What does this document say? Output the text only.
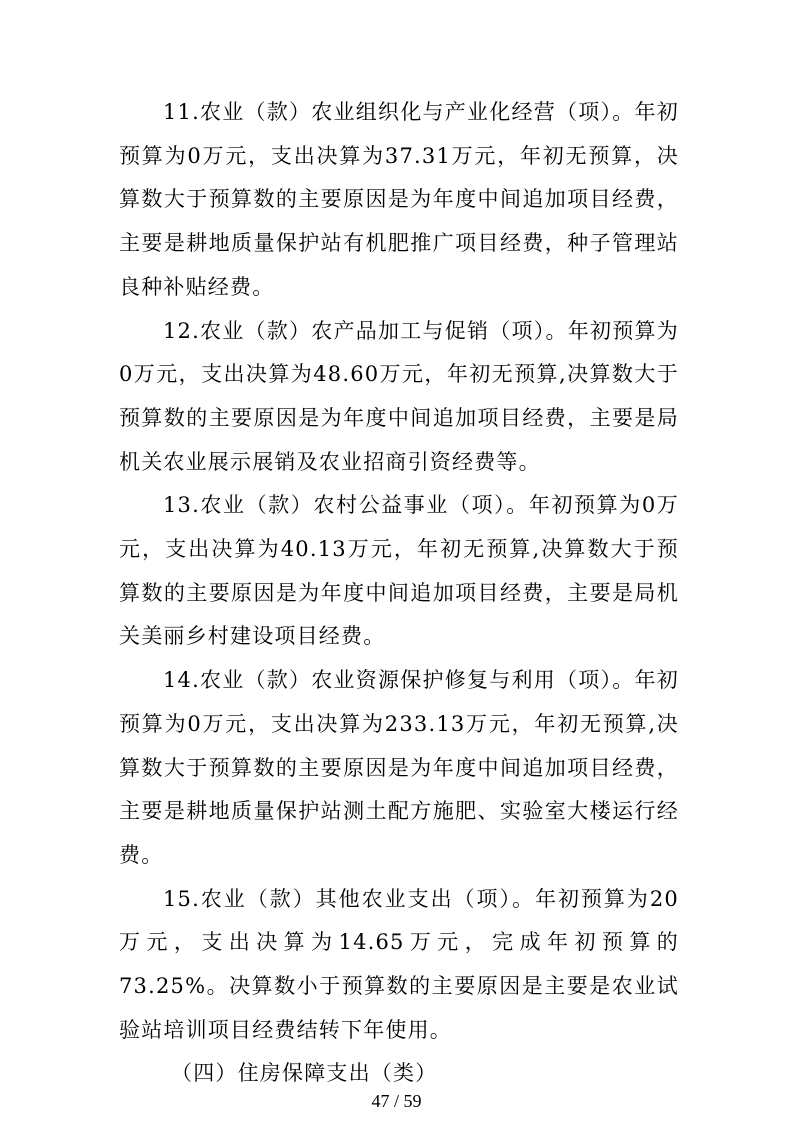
11.农业（款）农业组织化与产业化经营（项）。年初预算为0万元，支出决算为37.31万元，年初无预算，决算数大于预算数的主要原因是为年度中间追加项目经费，主要是耕地质量保护站有机肥推广项目经费，种子管理站良种补贴经费。

12.农业（款）农产品加工与促销（项）。年初预算为0万元，支出决算为48.60万元，年初无预算,决算数大于预算数的主要原因是为年度中间追加项目经费，主要是局机关农业展示展销及农业招商引资经费等。

13.农业（款）农村公益事业（项）。年初预算为0万元，支出决算为40.13万元，年初无预算,决算数大于预算数的主要原因是为年度中间追加项目经费，主要是局机关美丽乡村建设项目经费。

14.农业（款）农业资源保护修复与利用（项）。年初预算为0万元，支出决算为233.13万元，年初无预算,决算数大于预算数的主要原因是为年度中间追加项目经费，主要是耕地质量保护站测土配方施肥、实验室大楼运行经费。

15.农业（款）其他农业支出（项）。年初预算为20万元，支出决算为14.65万元，完成年初预算的73.25%。决算数小于预算数的主要原因是主要是农业试验站培训项目经费结转下年使用。

（四）住房保障支出（类）

47 / 59
